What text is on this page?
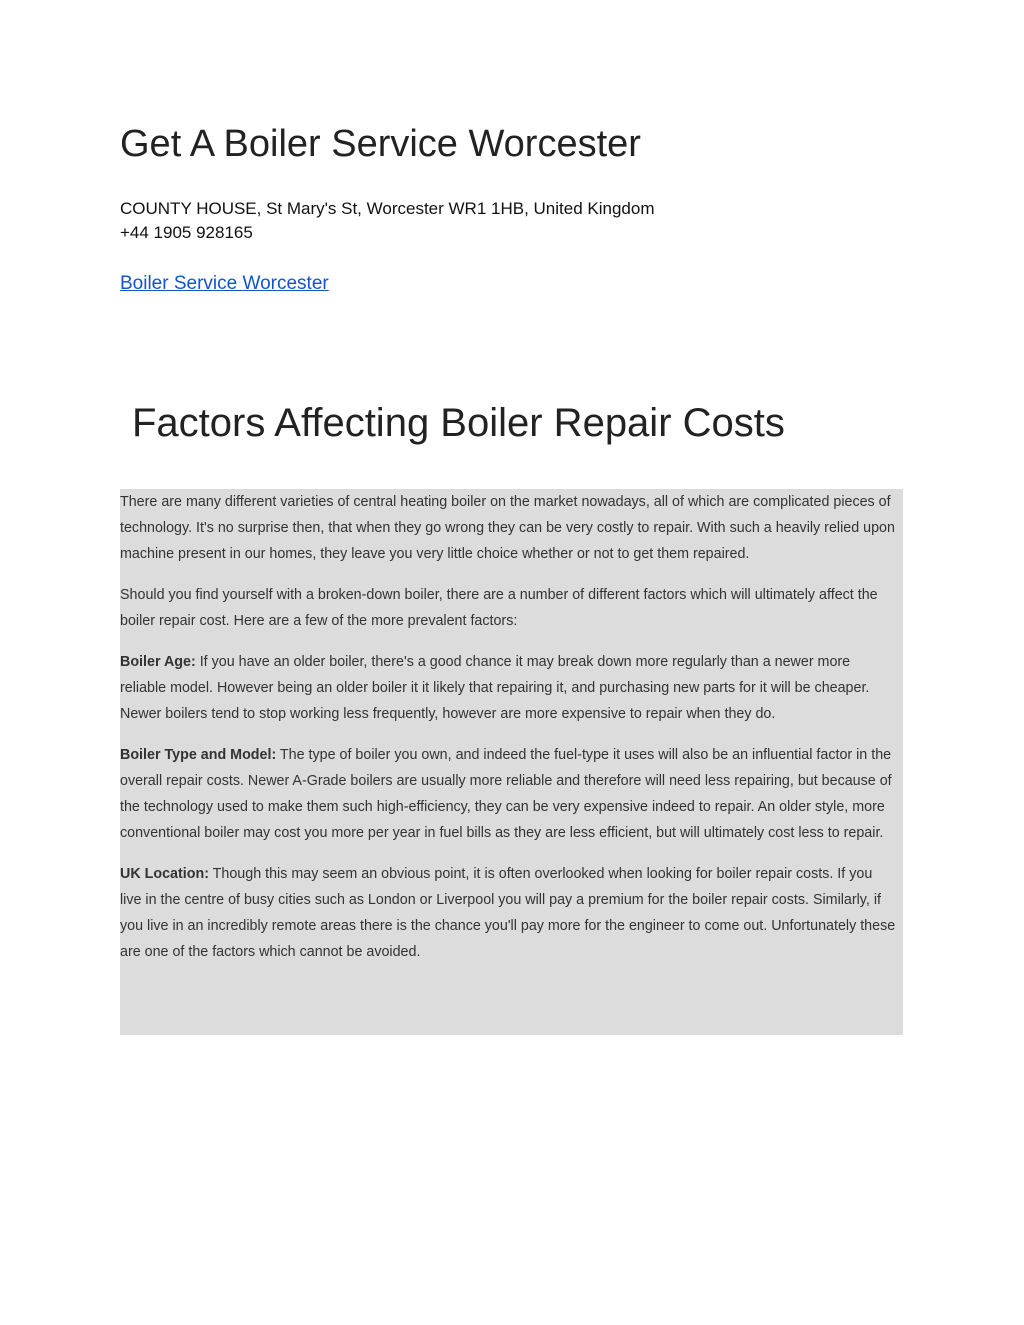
Get A Boiler Service Worcester
COUNTY HOUSE, St Mary's St, Worcester WR1 1HB, United Kingdom
+44 1905 928165
Boiler Service Worcester
Factors Affecting Boiler Repair Costs

There are many different varieties of central heating boiler on the market nowadays, all of which are complicated pieces of technology. It's no surprise then, that when they go wrong they can be very costly to repair. With such a heavily relied upon machine present in our homes, they leave you very little choice whether or not to get them repaired.

Should you find yourself with a broken-down boiler, there are a number of different factors which will ultimately affect the boiler repair cost. Here are a few of the more prevalent factors:

Boiler Age: If you have an older boiler, there's a good chance it may break down more regularly than a newer more reliable model. However being an older boiler it it likely that repairing it, and purchasing new parts for it will be cheaper. Newer boilers tend to stop working less frequently, however are more expensive to repair when they do.

Boiler Type and Model: The type of boiler you own, and indeed the fuel-type it uses will also be an influential factor in the overall repair costs. Newer A-Grade boilers are usually more reliable and therefore will need less repairing, but because of the technology used to make them such high-efficiency, they can be very expensive indeed to repair. An older style, more conventional boiler may cost you more per year in fuel bills as they are less efficient, but will ultimately cost less to repair.

UK Location: Though this may seem an obvious point, it is often overlooked when looking for boiler repair costs. If you live in the centre of busy cities such as London or Liverpool you will pay a premium for the boiler repair costs. Similarly, if you live in an incredibly remote areas there is the chance you'll pay more for the engineer to come out. Unfortunately these are one of the factors which cannot be avoided.
